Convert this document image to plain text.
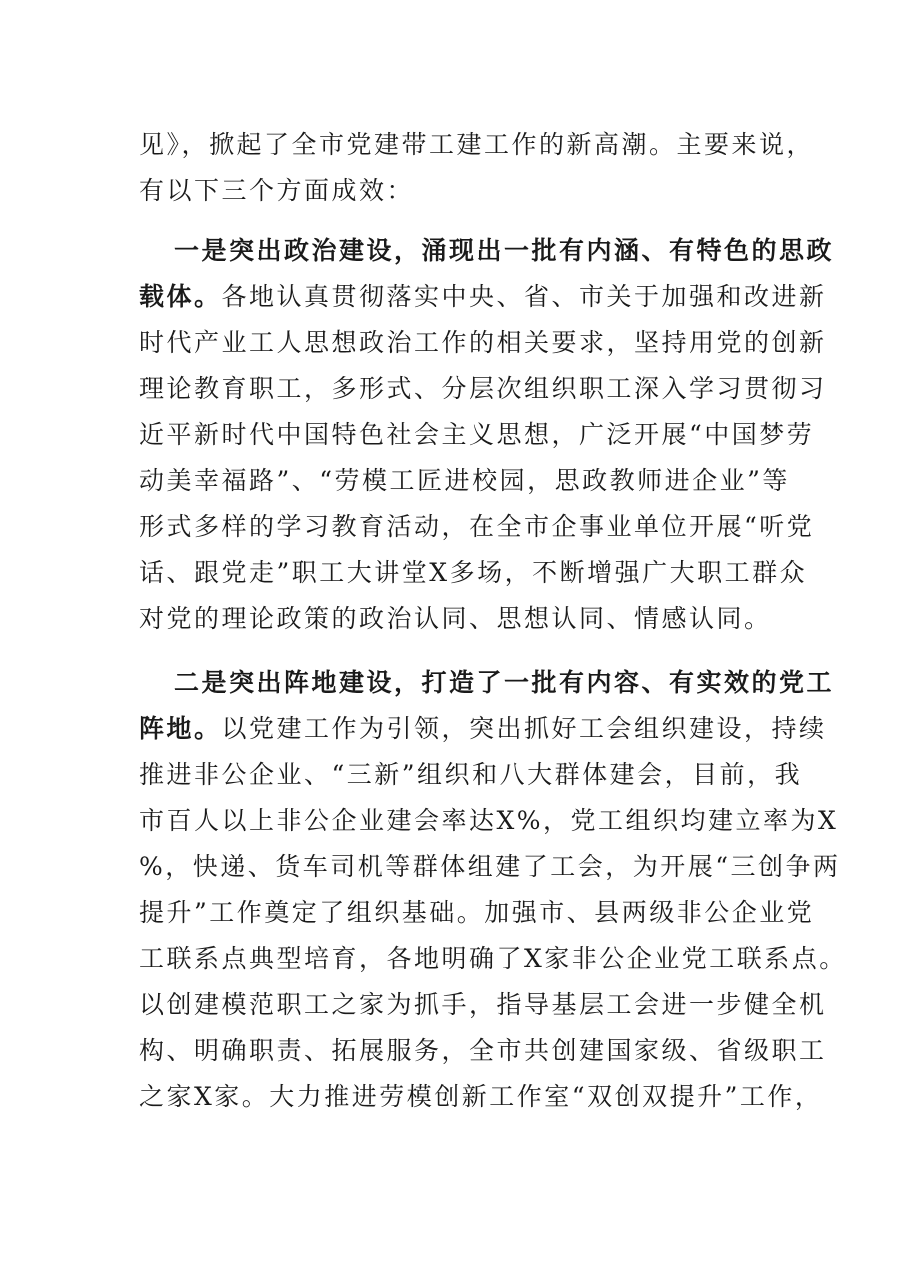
见》，掀起了全市党建带工建工作的新高潮。主要来说，
有以下三个方面成效：
一是突出政治建设，涌现出一批有内涵、有特色的思政
载体。各地认真贯彻落实中央、省、市关于加强和改进新
时代产业工人思想政治工作的相关要求，坚持用党的创新
理论教育职工，多形式、分层次组织职工深入学习贯彻习
近平新时代中国特色社会主义思想，广泛开展“中国梦劳
动美幸福路”、“劳模工匠进校园，思政教师进企业”等
形式多样的学习教育活动，在全市企事业单位开展“听党
话、跟党走”职工大讲堂X多场，不断增强广大职工群众
对党的理论政策的政治认同、思想认同、情感认同。
二是突出阵地建设，打造了一批有内容、有实效的党工
阵地。以党建工作为引领，突出抓好工会组织建设，持续
推进非公企业、“三新”组织和八大群体建会，目前，我
市百人以上非公企业建会率达X%，党工组织均建立率为X
%，快递、货车司机等群体组建了工会，为开展“三创争两
提升”工作奠定了组织基础。加强市、县两级非公企业党
工联系点典型培育，各地明确了X家非公企业党工联系点。
以创建模范职工之家为抓手，指导基层工会进一步健全机
构、明确职责、拓展服务，全市共创建国家级、省级职工
之家X家。大力推进劳模创新工作室“双创双提升”工作，
